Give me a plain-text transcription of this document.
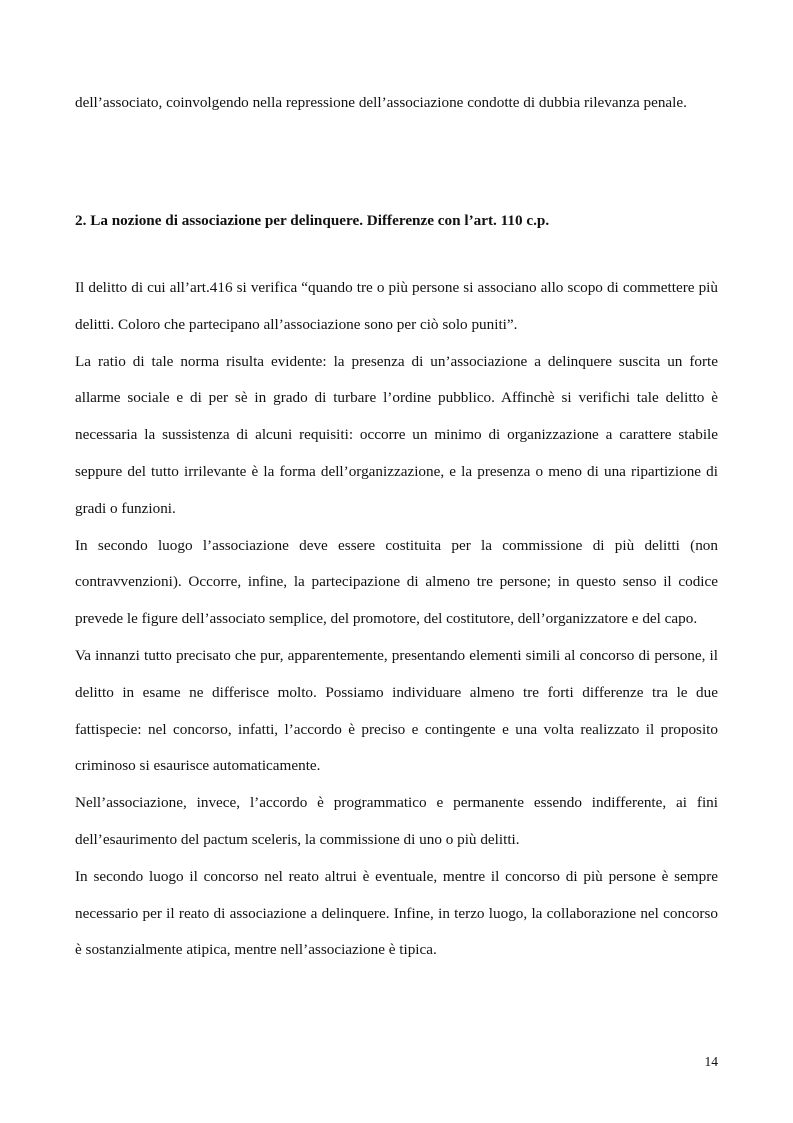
dell’associato, coinvolgendo nella repressione dell’associazione condotte di dubbia rilevanza penale.

2. La nozione di associazione per delinquere. Differenze con l’art. 110 c.p.

Il delitto di cui all’art.416 si verifica “quando tre o più persone si associano allo scopo di commettere più delitti. Coloro che partecipano all’associazione sono per ciò solo puniti”.

La ratio di tale norma risulta evidente: la presenza di un’associazione a delinquere suscita un forte allarme sociale e di per sè in grado di turbare l’ordine pubblico. Affinchè si verifichi tale delitto è necessaria la sussistenza di alcuni requisiti: occorre un minimo di organizzazione a carattere stabile seppure del tutto irrilevante è la forma dell’organizzazione, e la presenza o meno di una ripartizione di gradi o funzioni.

In secondo luogo l’associazione deve essere costituita per la commissione di più delitti (non contravvenzioni). Occorre, infine, la partecipazione di almeno tre persone; in questo senso il codice prevede le figure dell’associato semplice, del promotore, del costitutore, dell’organizzatore e del capo.

Va innanzi tutto precisato che pur, apparentemente, presentando elementi simili al concorso di persone, il delitto in esame ne differisce molto. Possiamo individuare almeno tre forti differenze tra le due fattispecie: nel concorso, infatti, l’accordo è preciso e contingente e una volta realizzato il proposito criminoso si esaurisce automaticamente.

Nell’associazione, invece, l’accordo è programmatico e permanente essendo indifferente, ai fini dell’esaurimento del pactum sceleris, la commissione di uno o più delitti.

In secondo luogo il concorso nel reato altrui è eventuale, mentre il concorso di più persone è sempre necessario per il reato di associazione a delinquere. Infine, in terzo luogo, la collaborazione nel concorso è sostanzialmente atipica, mentre nell’associazione è tipica.

14
